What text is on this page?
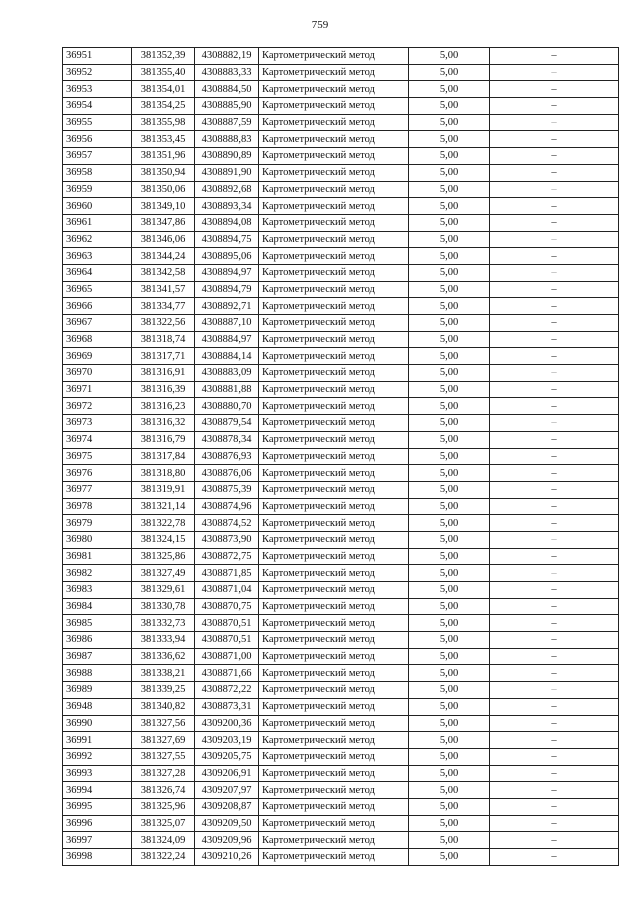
759
36951	381352,39	4308882,19	Картометрический метод	5,00	–
36952	381355,40	4308883,33	Картометрический метод	5,00	–
36953	381354,01	4308884,50	Картометрический метод	5,00	–
36954	381354,25	4308885,90	Картометрический метод	5,00	–
36955	381355,98	4308887,59	Картометрический метод	5,00	–
36956	381353,45	4308888,83	Картометрический метод	5,00	–
36957	381351,96	4308890,89	Картометрический метод	5,00	–
36958	381350,94	4308891,90	Картометрический метод	5,00	–
36959	381350,06	4308892,68	Картометрический метод	5,00	–
36960	381349,10	4308893,34	Картометрический метод	5,00	–
36961	381347,86	4308894,08	Картометрический метод	5,00	–
36962	381346,06	4308894,75	Картометрический метод	5,00	–
36963	381344,24	4308895,06	Картометрический метод	5,00	–
36964	381342,58	4308894,97	Картометрический метод	5,00	–
36965	381341,57	4308894,79	Картометрический метод	5,00	–
36966	381334,77	4308892,71	Картометрический метод	5,00	–
36967	381322,56	4308887,10	Картометрический метод	5,00	–
36968	381318,74	4308884,97	Картометрический метод	5,00	–
36969	381317,71	4308884,14	Картометрический метод	5,00	–
36970	381316,91	4308883,09	Картометрический метод	5,00	–
36971	381316,39	4308881,88	Картометрический метод	5,00	–
36972	381316,23	4308880,70	Картометрический метод	5,00	–
36973	381316,32	4308879,54	Картометрический метод	5,00	–
36974	381316,79	4308878,34	Картометрический метод	5,00	–
36975	381317,84	4308876,93	Картометрический метод	5,00	–
36976	381318,80	4308876,06	Картометрический метод	5,00	–
36977	381319,91	4308875,39	Картометрический метод	5,00	–
36978	381321,14	4308874,96	Картометрический метод	5,00	–
36979	381322,78	4308874,52	Картометрический метод	5,00	–
36980	381324,15	4308873,90	Картометрический метод	5,00	–
36981	381325,86	4308872,75	Картометрический метод	5,00	–
36982	381327,49	4308871,85	Картометрический метод	5,00	–
36983	381329,61	4308871,04	Картометрический метод	5,00	–
36984	381330,78	4308870,75	Картометрический метод	5,00	–
36985	381332,73	4308870,51	Картометрический метод	5,00	–
36986	381333,94	4308870,51	Картометрический метод	5,00	–
36987	381336,62	4308871,00	Картометрический метод	5,00	–
36988	381338,21	4308871,66	Картометрический метод	5,00	–
36989	381339,25	4308872,22	Картометрический метод	5,00	–
36948	381340,82	4308873,31	Картометрический метод	5,00	–
36990	381327,56	4309200,36	Картометрический метод	5,00	–
36991	381327,69	4309203,19	Картометрический метод	5,00	–
36992	381327,55	4309205,75	Картометрический метод	5,00	–
36993	381327,28	4309206,91	Картометрический метод	5,00	–
36994	381326,74	4309207,97	Картометрический метод	5,00	–
36995	381325,96	4309208,87	Картометрический метод	5,00	–
36996	381325,07	4309209,50	Картометрический метод	5,00	–
36997	381324,09	4309209,96	Картометрический метод	5,00	–
36998	381322,24	4309210,26	Картометрический метод	5,00	–
